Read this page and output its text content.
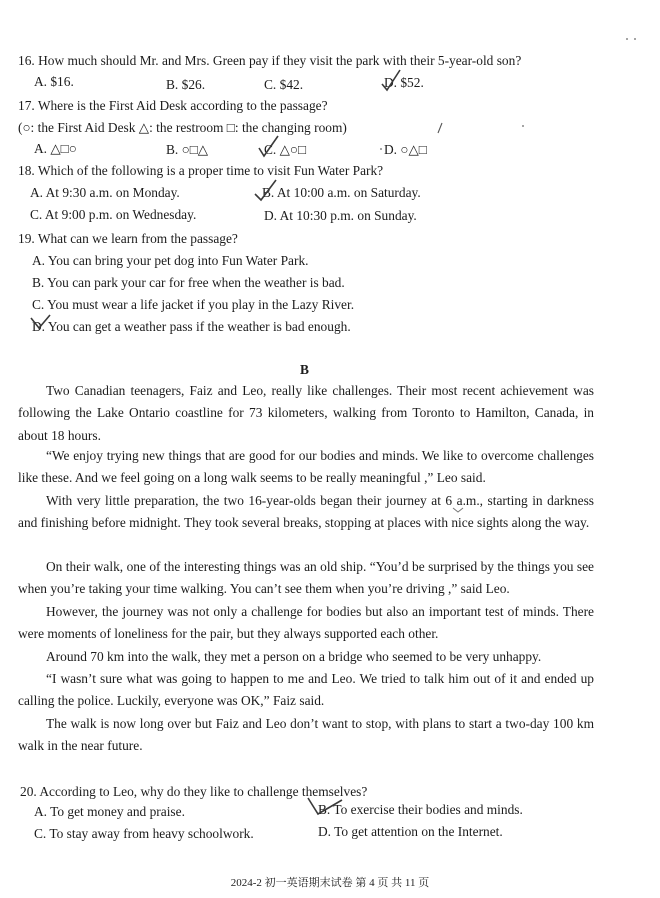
16. How much should Mr. and Mrs. Green pay if they visit the park with their 5-year-old son?
A. $16.	B. $26.	C. $42.	D. $52.
17. Where is the First Aid Desk according to the passage?
(○: the First Aid Desk △: the restroom □: the changing room)
A. △□○	B. ○□△	C. △○□	D. ○△□
18. Which of the following is a proper time to visit Fun Water Park?
A. At 9:30 a.m. on Monday.	B. At 10:00 a.m. on Saturday.
C. At 9:00 p.m. on Wednesday.	D. At 10:30 p.m. on Sunday.
19. What can we learn from the passage?
A. You can bring your pet dog into Fun Water Park.
B. You can park your car for free when the weather is bad.
C. You must wear a life jacket if you play in the Lazy River.
D. You can get a weather pass if the weather is bad enough.
B
Two Canadian teenagers, Faiz and Leo, really like challenges. Their most recent achievement was following the Lake Ontario coastline for 73 kilometers, walking from Toronto to Hamilton, Canada, in about 18 hours.
“We enjoy trying new things that are good for our bodies and minds. We like to overcome challenges like these. And we feel going on a long walk seems to be really meaningful ,” Leo said.
With very little preparation, the two 16-year-olds began their journey at 6 a.m., starting in darkness and finishing before midnight. They took several breaks, stopping at places with nice sights along the way.
On their walk, one of the interesting things was an old ship. “You’d be surprised by the things you see when you’re taking your time walking. You can’t see them when you’re driving ,” said Leo.
However, the journey was not only a challenge for bodies but also an important test of minds. There were moments of loneliness for the pair, but they always supported each other.
Around 70 km into the walk, they met a person on a bridge who seemed to be very unhappy.
“I wasn’t sure what was going to happen to me and Leo. We tried to talk him out of it and ended up calling the police. Luckily, everyone was OK,” Faiz said.
The walk is now long over but Faiz and Leo don’t want to stop, with plans to start a two-day 100 km walk in the near future.
20. According to Leo, why do they like to challenge themselves?
A. To get money and praise.	B. To exercise their bodies and minds.
C. To stay away from heavy schoolwork.	D. To get attention on the Internet.
2024-2 初一英语期末试卷 第 4 页 共 11 页
